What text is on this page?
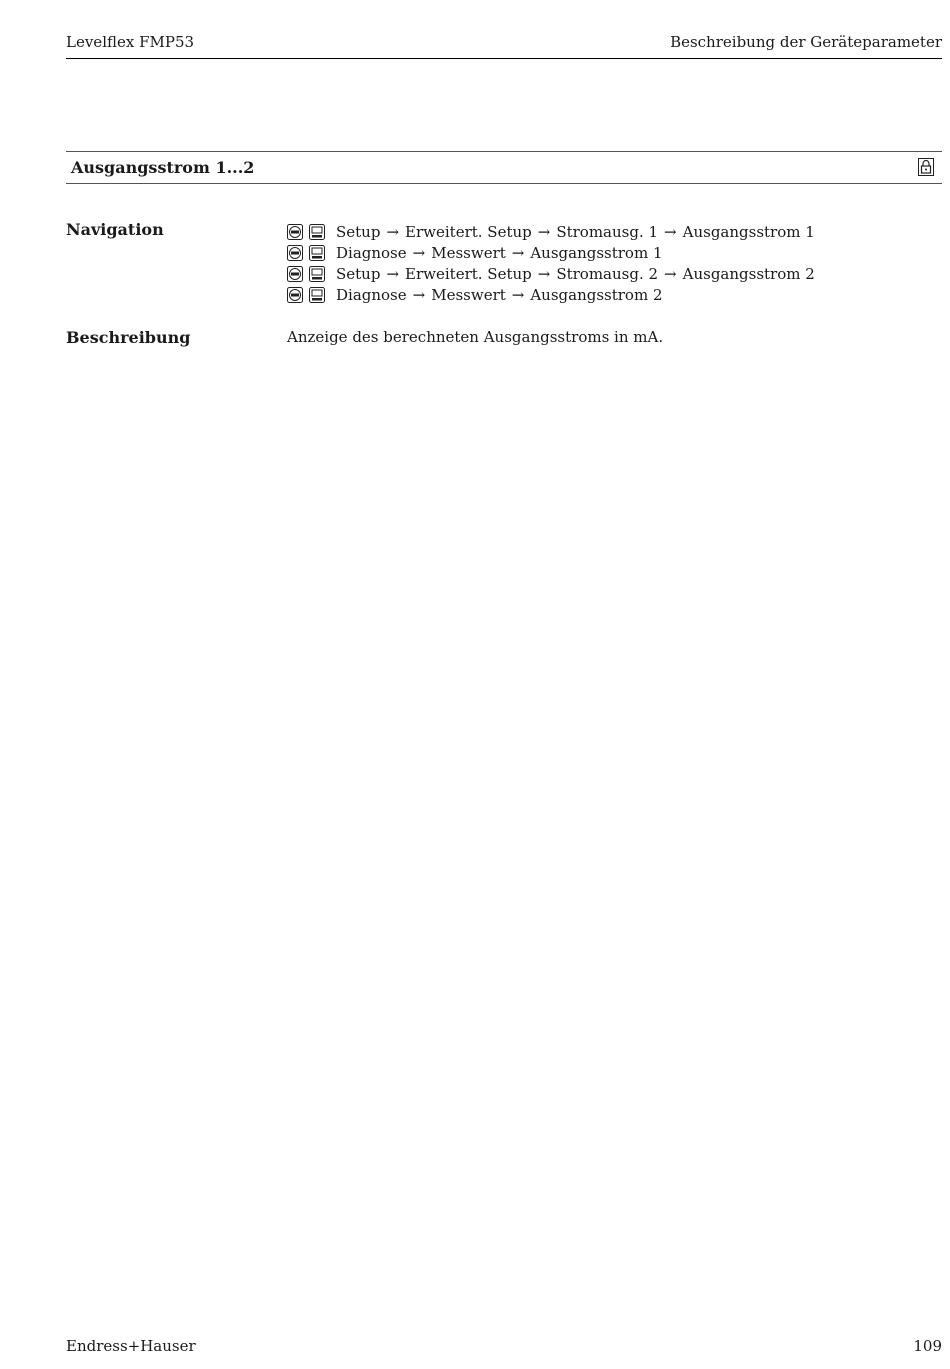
Levelflex FMP53	Beschreibung der Geräteparameter
Ausgangsstrom 1...2
Navigation	Setup → Erweitert. Setup → Stromausg. 1 → Ausgangsstrom 1
Diagnose → Messwert → Ausgangsstrom 1
Setup → Erweitert. Setup → Stromausg. 2 → Ausgangsstrom 2
Diagnose → Messwert → Ausgangsstrom 2
Beschreibung	Anzeige des berechneten Ausgangsstroms in mA.
Endress+Hauser	109
